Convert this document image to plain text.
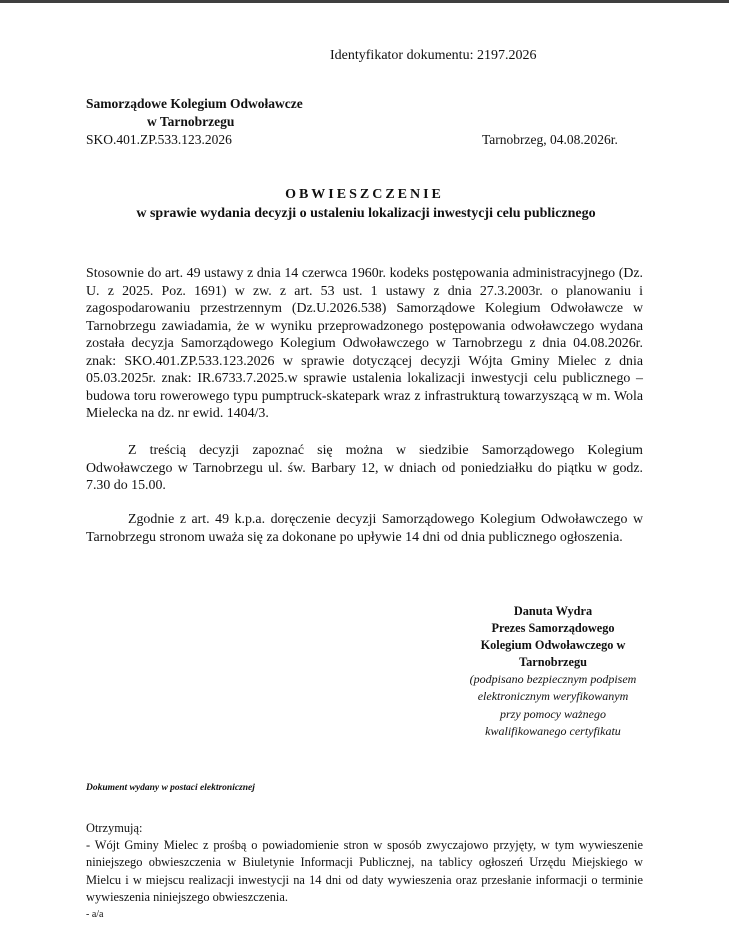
Identyfikator dokumentu: 2197.2026
Samorządowe Kolegium Odwoławcze
w Tarnobrzegu
SKO.401.ZP.533.123.2026	Tarnobrzeg, 04.08.2026r.
OBWIESZCZENIE
w sprawie wydania decyzji o ustaleniu lokalizacji inwestycji celu publicznego
Stosownie do art. 49 ustawy z dnia 14 czerwca 1960r. kodeks postępowania administracyjnego (Dz. U. z 2025. Poz. 1691) w zw. z art. 53 ust. 1 ustawy z dnia 27.3.2003r. o planowaniu i zagospodarowaniu przestrzennym (Dz.U.2026.538) Samorządowe Kolegium Odwoławcze w Tarnobrzegu zawiadamia, że w wyniku przeprowadzonego postępowania odwoławczego wydana została decyzja Samorządowego Kolegium Odwoławczego w Tarnobrzegu z dnia 04.08.2026r. znak: SKO.401.ZP.533.123.2026 w sprawie dotyczącej decyzji Wójta Gminy Mielec z dnia 05.03.2025r. znak: IR.6733.7.2025.w sprawie ustalenia lokalizacji inwestycji celu publicznego – budowa toru rowerowego typu pumptruck-skatepark wraz z infrastrukturą towarzyszącą w m. Wola Mielecka na dz. nr ewid. 1404/3.
Z treścią decyzji zapoznać się można w siedzibie Samorządowego Kolegium Odwoławczego w Tarnobrzegu ul. św. Barbary 12, w dniach od poniedziałku do piątku w godz. 7.30 do 15.00.
Zgodnie z art. 49 k.p.a. doręczenie decyzji Samorządowego Kolegium Odwoławczego w Tarnobrzegu stronom uważa się za dokonane po upływie 14 dni od dnia publicznego ogłoszenia.
Danuta Wydra
Prezes Samorządowego
Kolegium Odwoławczego w
Tarnobrzegu
(podpisano bezpiecznym podpisem
elektronicznym weryfikowanym
przy pomocy ważnego
kwalifikowanego certyfikatu
Dokument wydany w postaci elektronicznej
Otrzymują:
- Wójt Gminy Mielec z prośbą o powiadomienie stron w sposób zwyczajowo przyjęty, w tym wywieszenie niniejszego obwieszczenia w Biuletynie Informacji Publicznej, na tablicy ogłoszeń Urzędu Miejskiego w Mielcu i w miejscu realizacji inwestycji na 14 dni od daty wywieszenia oraz przesłanie informacji o terminie wywieszenia niniejszego obwieszczenia.
- a/a
